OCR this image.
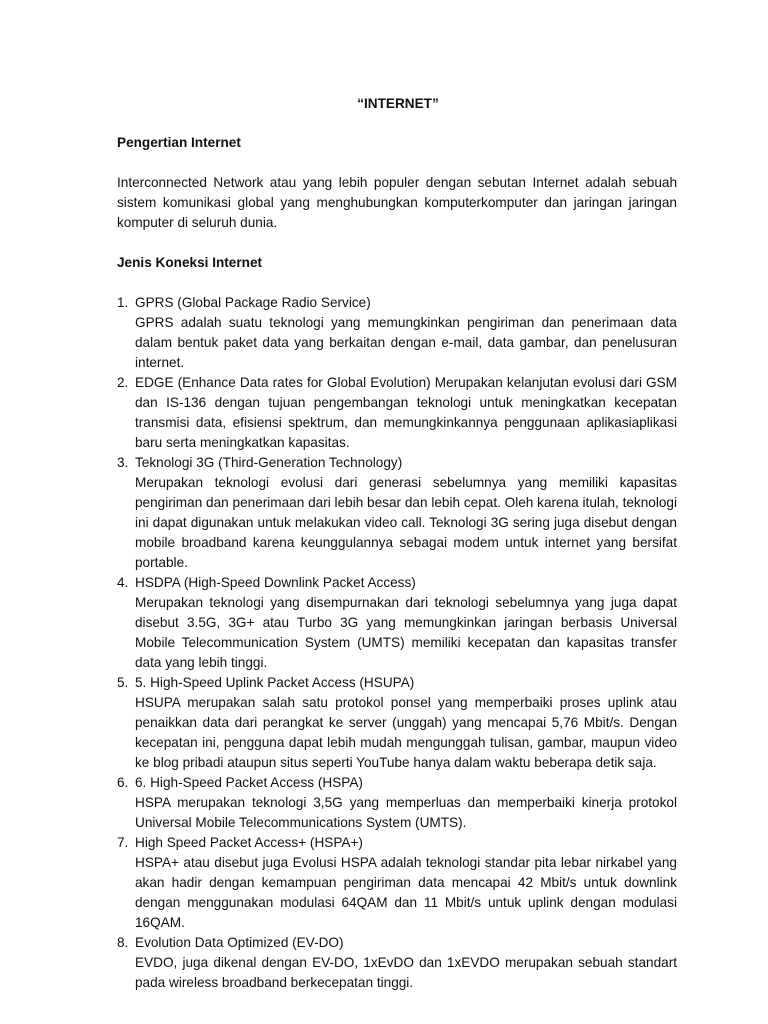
“INTERNET”
Pengertian Internet
Interconnected Network atau yang lebih populer dengan sebutan Internet adalah sebuah sistem komunikasi global yang menghubungkan komputerkomputer dan jaringan jaringan komputer di seluruh dunia.
Jenis Koneksi Internet
1. GPRS (Global Package Radio Service)
GPRS adalah suatu teknologi yang memungkinkan pengiriman dan penerimaan data dalam bentuk paket data yang berkaitan dengan e-mail, data gambar, dan penelusuran internet.
2. EDGE (Enhance Data rates for Global Evolution) Merupakan kelanjutan evolusi dari GSM dan IS-136 dengan tujuan pengembangan teknologi untuk meningkatkan kecepatan transmisi data, efisiensi spektrum, dan memungkinkannya penggunaan aplikasiaplikasi baru serta meningkatkan kapasitas.
3. Teknologi 3G (Third-Generation Technology)
Merupakan teknologi evolusi dari generasi sebelumnya yang memiliki kapasitas pengiriman dan penerimaan dari lebih besar dan lebih cepat. Oleh karena itulah, teknologi ini dapat digunakan untuk melakukan video call. Teknologi 3G sering juga disebut dengan mobile broadband karena keunggulannya sebagai modem untuk internet yang bersifat portable.
4. HSDPA (High-Speed Downlink Packet Access)
Merupakan teknologi yang disempurnakan dari teknologi sebelumnya yang juga dapat disebut 3.5G, 3G+ atau Turbo 3G yang memungkinkan jaringan berbasis Universal Mobile Telecommunication System (UMTS) memiliki kecepatan dan kapasitas transfer data yang lebih tinggi.
5. 5. High-Speed Uplink Packet Access (HSUPA)
HSUPA merupakan salah satu protokol ponsel yang memperbaiki proses uplink atau penaikkan data dari perangkat ke server (unggah) yang mencapai 5,76 Mbit/s. Dengan kecepatan ini, pengguna dapat lebih mudah mengunggah tulisan, gambar, maupun video ke blog pribadi ataupun situs seperti YouTube hanya dalam waktu beberapa detik saja.
6. 6. High-Speed Packet Access (HSPA)
HSPA merupakan teknologi 3,5G yang memperluas dan memperbaiki kinerja protokol Universal Mobile Telecommunications System (UMTS).
7. High Speed Packet Access+ (HSPA+)
HSPA+ atau disebut juga Evolusi HSPA adalah teknologi standar pita lebar nirkabel yang akan hadir dengan kemampuan pengiriman data mencapai 42 Mbit/s untuk downlink dengan menggunakan modulasi 64QAM dan 11 Mbit/s untuk uplink dengan modulasi 16QAM.
8. Evolution Data Optimized (EV-DO)
EVDO, juga dikenal dengan EV-DO, 1xEvDO dan 1xEVDO merupakan sebuah standart pada wireless broadband berkecepatan tinggi.
